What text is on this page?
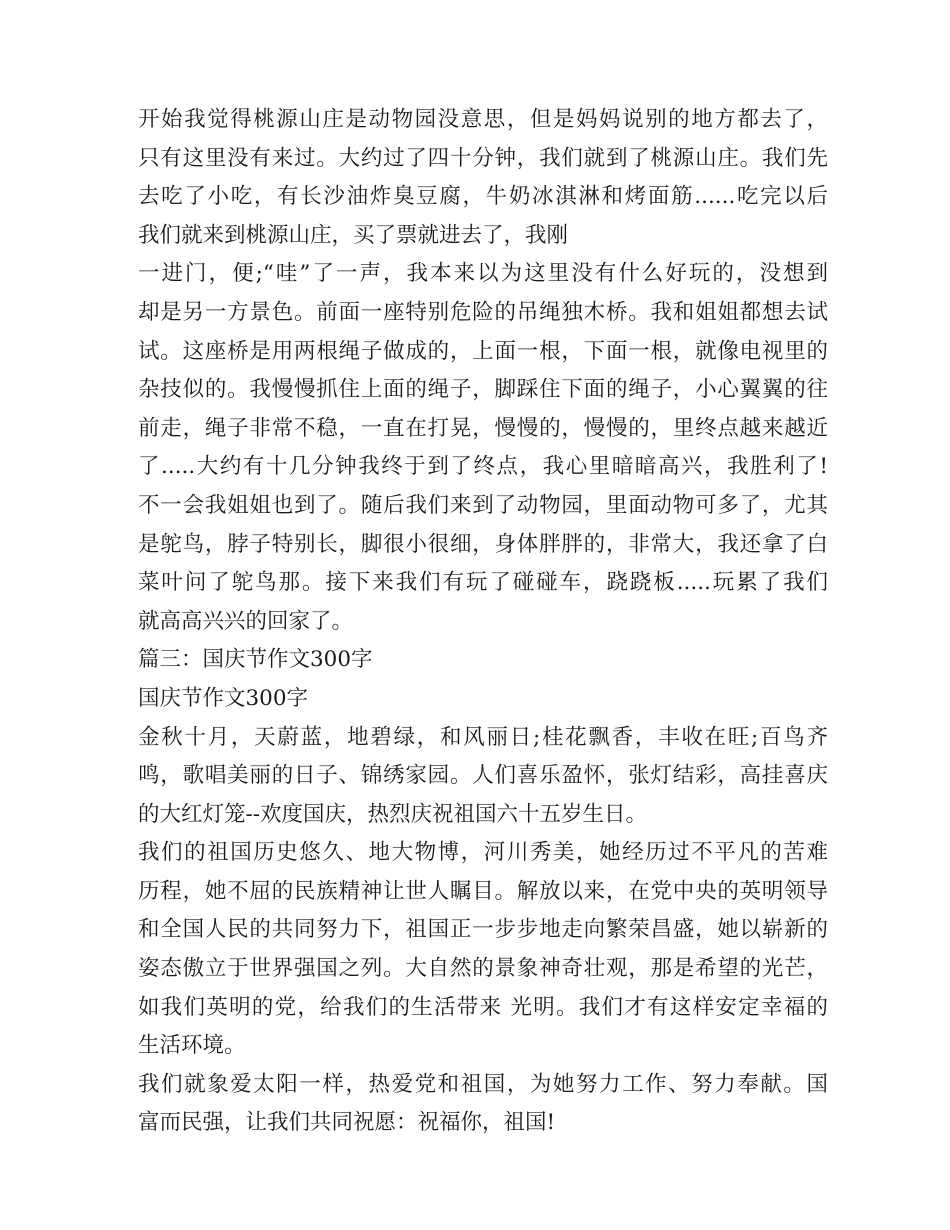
开始我觉得桃源山庄是动物园没意思，但是妈妈说别的地方都去了，
只有这里没有来过。大约过了四十分钟，我们就到了桃源山庄。我们先
去吃了小吃，有长沙油炸臭豆腐，牛奶冰淇淋和烤面筋......吃完以后
我们就来到桃源山庄，买了票就进去了，我刚
一进门，便;“哇”了一声，我本来以为这里没有什么好玩的，没想到
却是另一方景色。前面一座特别危险的吊绳独木桥。我和姐姐都想去试
试。这座桥是用两根绳子做成的，上面一根，下面一根，就像电视里的
杂技似的。我慢慢抓住上面的绳子，脚踩住下面的绳子，小心翼翼的往
前走，绳子非常不稳，一直在打晃，慢慢的，慢慢的，里终点越来越近
了.....大约有十几分钟我终于到了终点，我心里暗暗高兴，我胜利了!
不一会我姐姐也到了。随后我们来到了动物园，里面动物可多了，尤其
是鸵鸟，脖子特别长，脚很小很细，身体胖胖的，非常大，我还拿了白
菜叶问了鸵鸟那。接下来我们有玩了碰碰车，跷跷板.....玩累了我们
就高高兴兴的回家了。
篇三：国庆节作文300字
国庆节作文300字
金秋十月，天蔚蓝，地碧绿，和风丽日;桂花飘香，丰收在旺;百鸟齐
鸣，歌唱美丽的日子、锦绣家园。人们喜乐盈怀，张灯结彩，高挂喜庆
的大红灯笼--欢度国庆，热烈庆祝祖国六十五岁生日。
我们的祖国历史悠久、地大物博，河川秀美，她经历过不平凡的苦难
历程，她不屈的民族精神让世人瞩目。解放以来，在党中央的英明领导
和全国人民的共同努力下，祖国正一步步地走向繁荣昌盛，她以崭新的
姿态傲立于世界强国之列。大自然的景象神奇壮观，那是希望的光芒，
如我们英明的党，给我们的生活带来 光明。我们才有这样安定幸福的
生活环境。
我们就象爱太阳一样，热爱党和祖国，为她努力工作、努力奉献。国
富而民强，让我们共同祝愿：祝福你，祖国!
